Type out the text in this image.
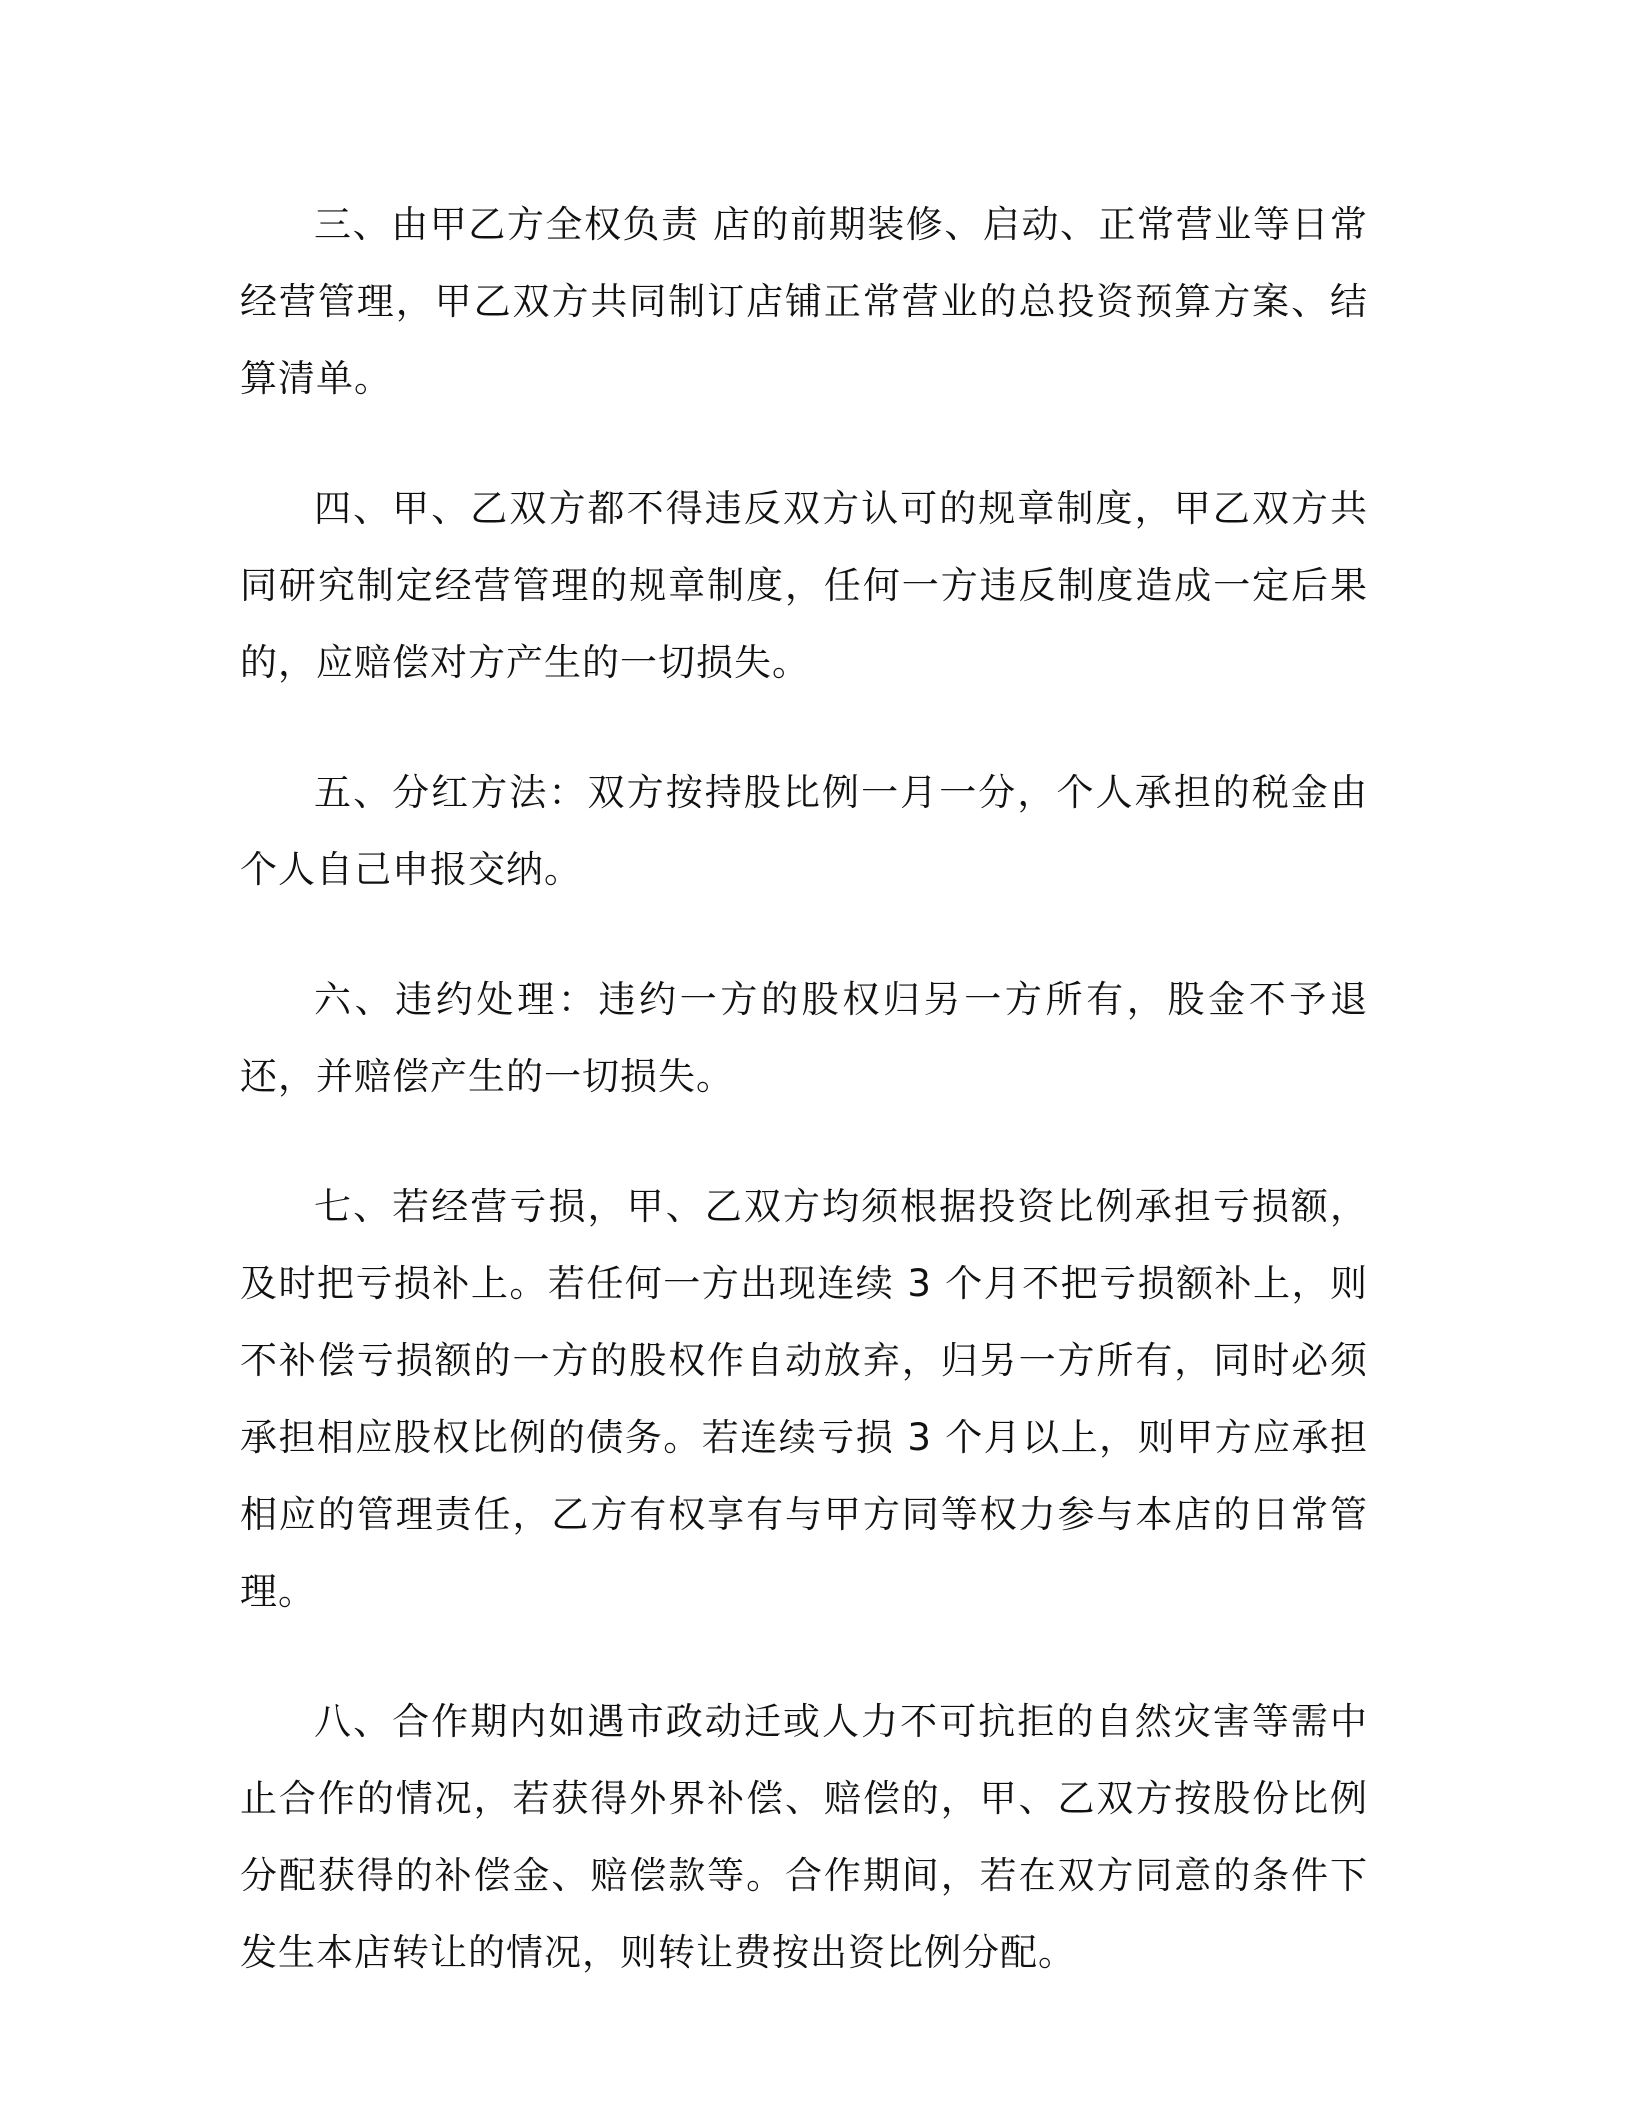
三、由甲乙方全权负责 店的前期装修、启动、正常营业等日常经营管理，甲乙双方共同制订店铺正常营业的总投资预算方案、结算清单。

四、甲、乙双方都不得违反双方认可的规章制度，甲乙双方共同研究制定经营管理的规章制度，任何一方违反制度造成一定后果的，应赔偿对方产生的一切损失。

五、分红方法：双方按持股比例一月一分，个人承担的税金由个人自己申报交纳。

六、违约处理：违约一方的股权归另一方所有，股金不予退还，并赔偿产生的一切损失。

七、若经营亏损，甲、乙双方均须根据投资比例承担亏损额，及时把亏损补上。若任何一方出现连续 3 个月不把亏损额补上，则不补偿亏损额的一方的股权作自动放弃，归另一方所有，同时必须承担相应股权比例的债务。若连续亏损 3 个月以上，则甲方应承担相应的管理责任，乙方有权享有与甲方同等权力参与本店的日常管理。

八、合作期内如遇市政动迁或人力不可抗拒的自然灾害等需中止合作的情况，若获得外界补偿、赔偿的，甲、乙双方按股份比例分配获得的补偿金、赔偿款等。合作期间，若在双方同意的条件下发生本店转让的情况，则转让费按出资比例分配。
